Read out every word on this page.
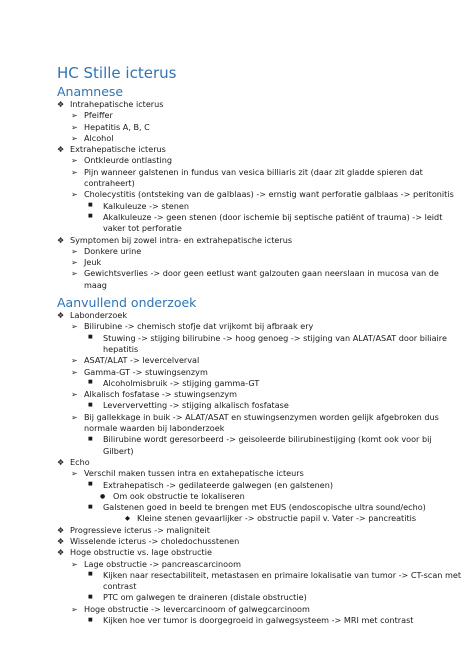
HC Stille icterus
Anamnese
❖ Intrahepatische icterus
➢ Pfeiffer
➢ Hepatitis A, B, C
➢ Alcohol
❖ Extrahepatische icterus
➢ Ontkleurde ontlasting
➢ Pijn wanneer galstenen in fundus van vesica billiaris zit (daar zit gladde spieren dat contraheert)
➢ Cholecystitis (ontsteking van de galblaas) -> ernstig want perforatie galblaas -> peritonitis
■ Kalkuleuze -> stenen
■ Akalkuleuze -> geen stenen (door ischemie bij septische patiënt of trauma) -> leidt vaker tot perforatie
❖ Symptomen bij zowel intra- en extrahepatische icterus
➢ Donkere urine
➢ Jeuk
➢ Gewichtsverlies -> door geen eetlust want galzouten gaan neerslaan in mucosa van de maag
Aanvullend onderzoek
❖ Labonderzoek
➢ Bilirubine -> chemisch stofje dat vrijkomt bij afbraak ery
■ Stuwing -> stijging bilirubine -> hoog genoeg -> stijging van ALAT/ASAT door biliaire hepatitis
➢ ASAT/ALAT -> levercelverval
➢ Gamma-GT -> stuwingsenzym
■ Alcoholmisbruik -> stijging gamma-GT
➢ Alkalisch fosfatase -> stuwingsenzym
■ Leververvetting -> stijging alkalisch fosfatase
➢ Bij gallekkage in buik -> ALAT/ASAT en stuwingsenzymen worden gelijk afgebroken dus normale waarden bij labonderzoek
■ Bilirubine wordt geresorbeerd -> geisoleerde bilirubinestijging (komt ook voor bij Gilbert)
❖ Echo
➢ Verschil maken tussen intra en extahepatische icteurs
■ Extrahepatisch -> gedilateerde galwegen (en galstenen)
● Om ook obstructie te lokaliseren
■ Galstenen goed in beeld te brengen met EUS (endoscopische ultra sound/echo)
◆ Kleine stenen gevaarlijker -> obstructie papil v. Vater -> pancreatitis
❖ Progressieve icterus -> maligniteit
❖ Wisselende icterus -> choledochusstenen
❖ Hoge obstructie vs. lage obstructie
➢ Lage obstructie -> pancreascarcinoom
■ Kijken naar resectabiliteit, metastasen en primaire lokalisatie van tumor -> CT-scan met contrast
■ PTC om galwegen te draineren (distale obstructie)
➢ Hoge obstructie -> levercarcinoom of galwegcarcinoom
■ Kijken hoe ver tumor is doorgegroeid in galwegsysteem -> MRI met contrast
